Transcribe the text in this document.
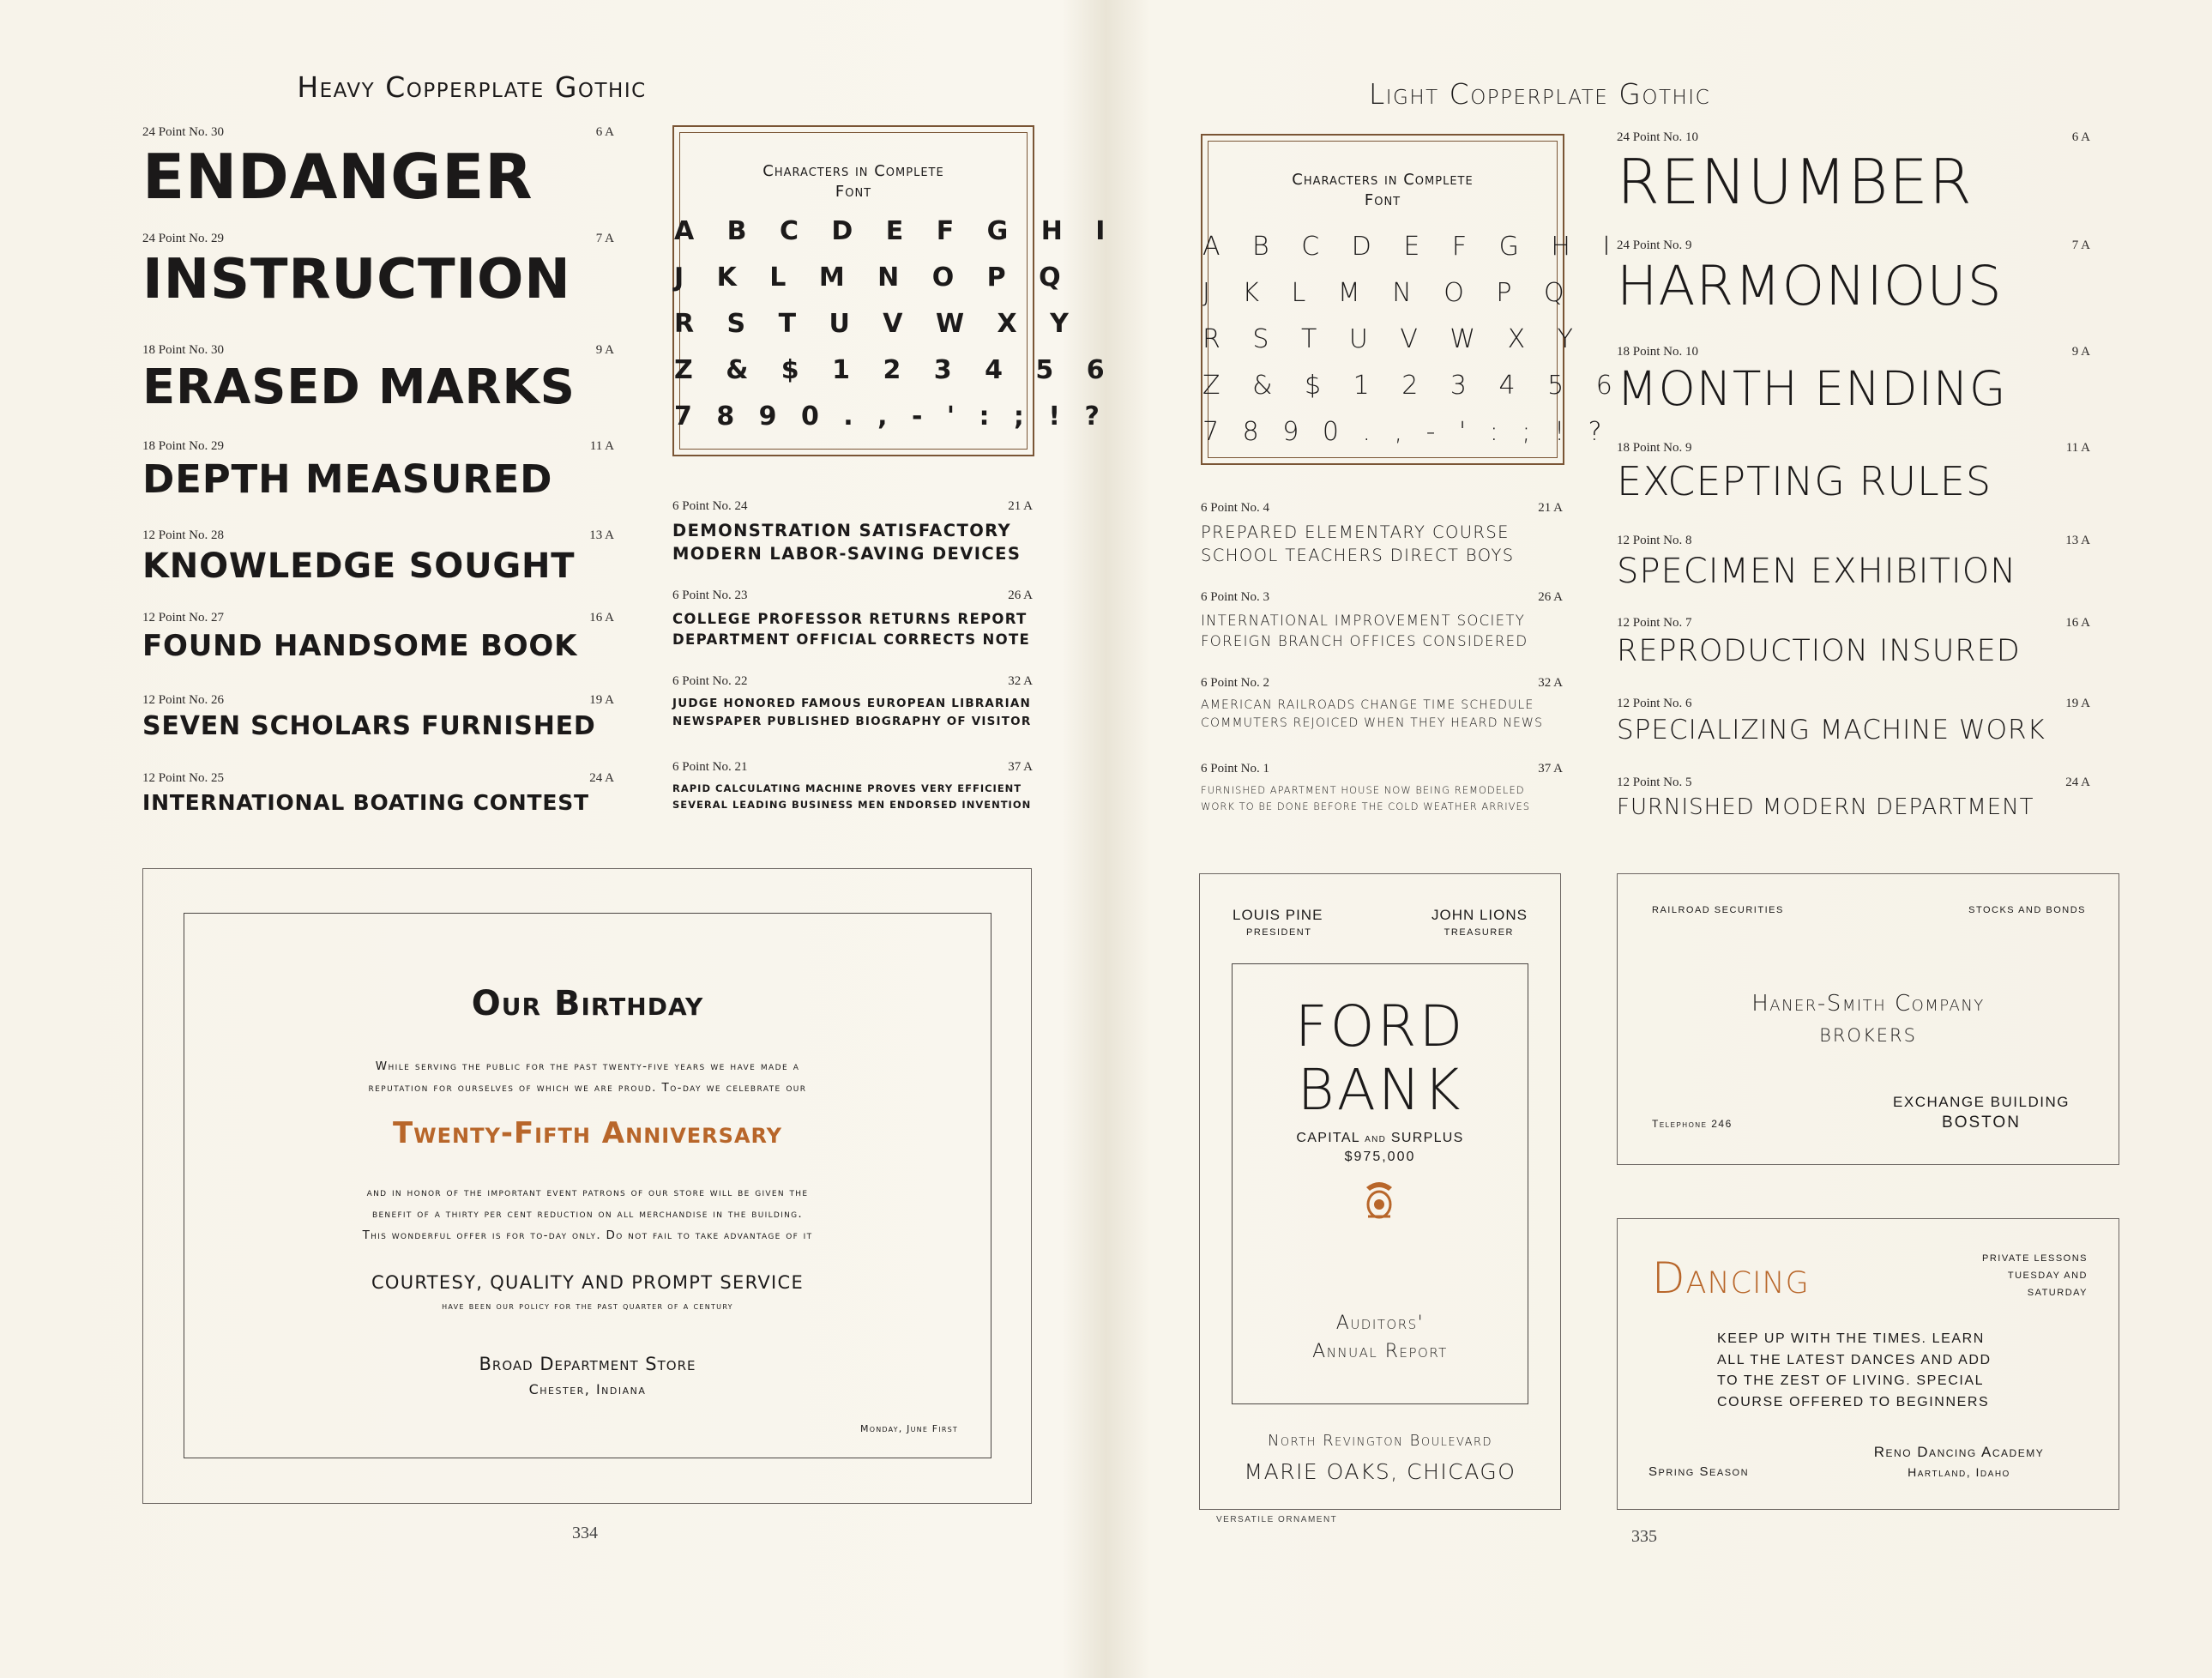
Heavy Copperplate Gothic
24 Point No. 30	6 A
ENDANGER
24 Point No. 29	7 A
INSTRUCTION
18 Point No. 30	9 A
ERASED MARKS
18 Point No. 29	11 A
DEPTH MEASURED
12 Point No. 28	13 A
KNOWLEDGE SOUGHT
12 Point No. 27	16 A
FOUND HANDSOME BOOK
12 Point No. 26	19 A
SEVEN SCHOLARS FURNISHED
12 Point No. 25	24 A
INTERNATIONAL BOATING CONTEST
Characters in Complete
Font
A B C D E F G H I
J K L M N O P Q
R S T U V W X Y
Z & $ 1 2 3 4 5 6
7 8 9 0 . , - ' : ; ! ?
6 Point No. 24	21 A
DEMONSTRATION SATISFACTORY
MODERN LABOR-SAVING DEVICES
6 Point No. 23	26 A
COLLEGE PROFESSOR RETURNS REPORT
DEPARTMENT OFFICIAL CORRECTS NOTE
6 Point No. 22	32 A
JUDGE HONORED FAMOUS EUROPEAN LIBRARIAN
NEWSPAPER PUBLISHED BIOGRAPHY OF VISITOR
6 Point No. 21	37 A
RAPID CALCULATING MACHINE PROVES VERY EFFICIENT
SEVERAL LEADING BUSINESS MEN ENDORSED INVENTION
Our Birthday
While serving the public for the past twenty-five years we have made a
reputation for ourselves of which we are proud. To-day we celebrate our
Twenty-Fifth Anniversary
and in honor of the important event patrons of our store will be given the
benefit of a thirty per cent reduction on all merchandise in the building.
This wonderful offer is for to-day only. Do not fail to take advantage of it
COURTESY, QUALITY AND PROMPT SERVICE
have been our policy for the past quarter of a century
Broad Department Store
Chester, Indiana
Monday, June First
334
Light Copperplate Gothic
Characters in Complete
Font
A B C D E F G H I
J K L M N O P Q
R S T U V W X Y
Z & $ 1 2 3 4 5 6
7 8 9 0 . , - ' : ; ! ?
6 Point No. 4	21 A
PREPARED ELEMENTARY COURSE
SCHOOL TEACHERS DIRECT BOYS
6 Point No. 3	26 A
INTERNATIONAL IMPROVEMENT SOCIETY
FOREIGN BRANCH OFFICES CONSIDERED
6 Point No. 2	32 A
AMERICAN RAILROADS CHANGE TIME SCHEDULE
COMMUTERS REJOICED WHEN THEY HEARD NEWS
6 Point No. 1	37 A
FURNISHED APARTMENT HOUSE NOW BEING REMODELED
WORK TO BE DONE BEFORE THE COLD WEATHER ARRIVES
24 Point No. 10	6 A
RENUMBER
24 Point No. 9	7 A
HARMONIOUS
18 Point No. 10	9 A
MONTH ENDING
18 Point No. 9	11 A
EXCEPTING RULES
12 Point No. 8	13 A
SPECIMEN EXHIBITION
12 Point No. 7	16 A
REPRODUCTION INSURED
12 Point No. 6	19 A
SPECIALIZING MACHINE WORK
12 Point No. 5	24 A
FURNISHED MODERN DEPARTMENT
LOUIS PINE
PRESIDENT
JOHN LIONS
TREASURER
FORD
BANK
CAPITAL AND SURPLUS
$975,000
Auditors'
Annual Report
North Revington Boulevard
MARIE OAKS, CHICAGO
VERSATILE ORNAMENT
RAILROAD SECURITIES	STOCKS AND BONDS
Haner-Smith Company
BROKERS
EXCHANGE BUILDING
BOSTON
Telephone 246
Dancing	PRIVATE LESSONS
TUESDAY AND
SATURDAY
KEEP UP WITH THE TIMES. LEARN
ALL THE LATEST DANCES AND ADD
TO THE ZEST OF LIVING. SPECIAL
COURSE OFFERED TO BEGINNERS
Spring Season
Reno Dancing Academy
Hartland, Idaho
335
